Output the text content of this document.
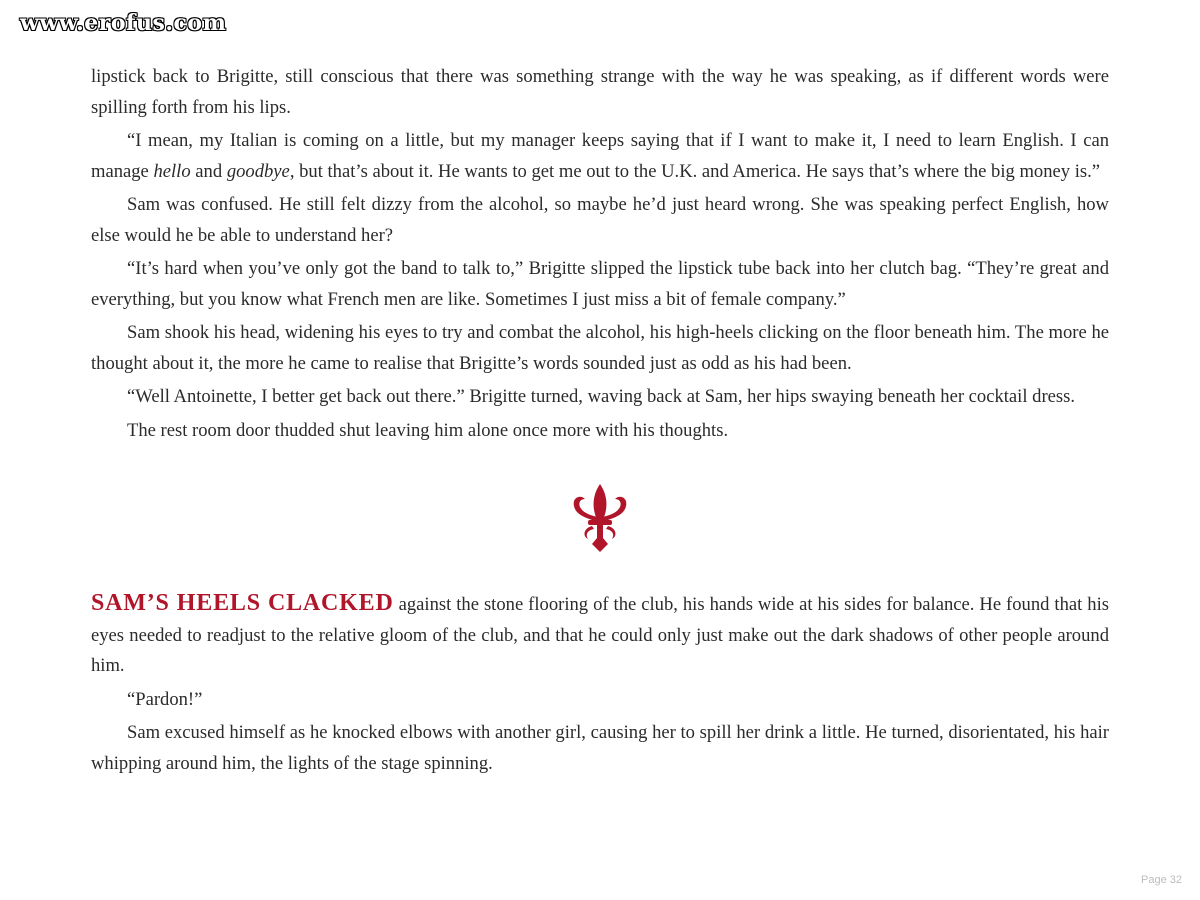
www.erofus.com

lipstick back to Brigitte, still conscious that there was something strange with the way he was speaking, as if different words were spilling forth from his lips.

“I mean, my Italian is coming on a little, but my manager keeps saying that if I want to make it, I need to learn English. I can manage hello and goodbye, but that’s about it. He wants to get me out to the U.K. and America. He says that’s where the big money is.”

Sam was confused. He still felt dizzy from the alcohol, so maybe he’d just heard wrong. She was speaking perfect English, how else would he be able to understand her?

“It’s hard when you’ve only got the band to talk to,” Brigitte slipped the lipstick tube back into her clutch bag. “They’re great and everything, but you know what French men are like. Sometimes I just miss a bit of female company.”

Sam shook his head, widening his eyes to try and combat the alcohol, his high-heels clicking on the floor beneath him. The more he thought about it, the more he came to realise that Brigitte’s words sounded just as odd as his had been.

“Well Antoinette, I better get back out there.” Brigitte turned, waving back at Sam, her hips swaying beneath her cocktail dress.

The rest room door thudded shut leaving him alone once more with his thoughts.

SAM’S HEELS CLACKED against the stone flooring of the club, his hands wide at his sides for balance. He found that his eyes needed to readjust to the relative gloom of the club, and that he could only just make out the dark shadows of other people around him.

“Pardon!”

Sam excused himself as he knocked elbows with another girl, causing her to spill her drink a little. He turned, disorientated, his hair whipping around him, the lights of the stage spinning.

Page 32
